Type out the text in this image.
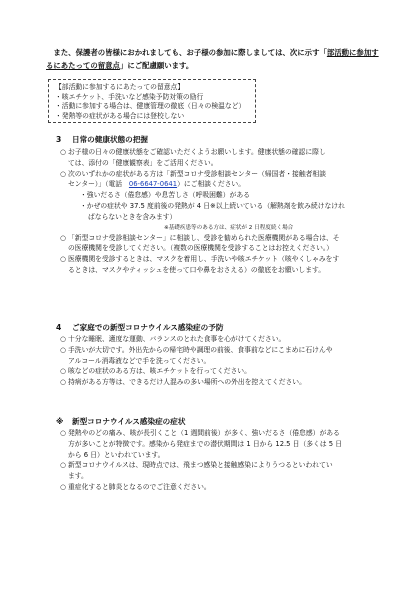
　また、保護者の皆様におかれましても、お子様の参加に際しましては、次に示す「部活動に参加するにあたっての留意点」にご配慮願います。

【部活動に参加するにあたっての留意点】
・咳エチケット、手洗いなど感染予防対策の励行
・活動に参加する場合は、健康管理の徹底（日々の検温など）
・発熱等の症状がある場合には登校しない

3 日常の健康状態の把握

○ お子様の日々の健康状態をご確認いただくようお願いします。健康状態の確認に際し
ては、添付の「健康観察表」をご活用ください。
○ 次のいずれかの症状がある方は「新型コロナ受診相談センター（帰国者・接触者相談
センター）」（電話　06-6647-0641）にご相談ください。
・強いだるさ（倦怠感）や息苦しさ（呼吸困難）がある
・かぜの症状や 37.5 度前後の発熱が 4 日※以上続いている（解熱剤を飲み続けなけれ
ばならないときを含みます）
※基礎疾患等のある方は、症状が 2 日程度続く場合
○ 「新型コロナ受診相談センター」に相談し、受診を勧められた医療機関がある場合は、そ
の医療機関を受診してください。（複数の医療機関を受診することはお控えください。）
○ 医療機関を受診するときは、マスクを着用し、手洗いや咳エチケット（咳やくしゃみをす
るときは、マスクやティッシュを使って口や鼻をおさえる）の徹底をお願いします。

4 ご家庭での新型コロナウイルス感染症の予防

○ 十分な睡眠、適度な運動、バランスのとれた食事を心がけてください。
○ 手洗いが大切です。外出先からの帰宅時や調理の前後、食事前などにこまめに石けんや
アルコール消毒液などで手を洗ってください。
○ 咳などの症状のある方は、咳エチケットを行ってください。
○ 持病がある方等は、できるだけ人混みの多い場所への外出を控えてください。

※ 新型コロナウイルス感染症の症状

○ 発熱やのどの痛み、咳が長引くこと（1 週間前後）が多く、強いだるさ（倦怠感）がある
方が多いことが特徴です。感染から発症までの潜伏期間は 1 日から 12.5 日（多くは 5 日
から 6 日）といわれています。
○ 新型コロナウイルスは、現時点では、飛まつ感染と接触感染によりうつるといわれてい
ます。
○ 重症化すると肺炎となるのでご注意ください。
